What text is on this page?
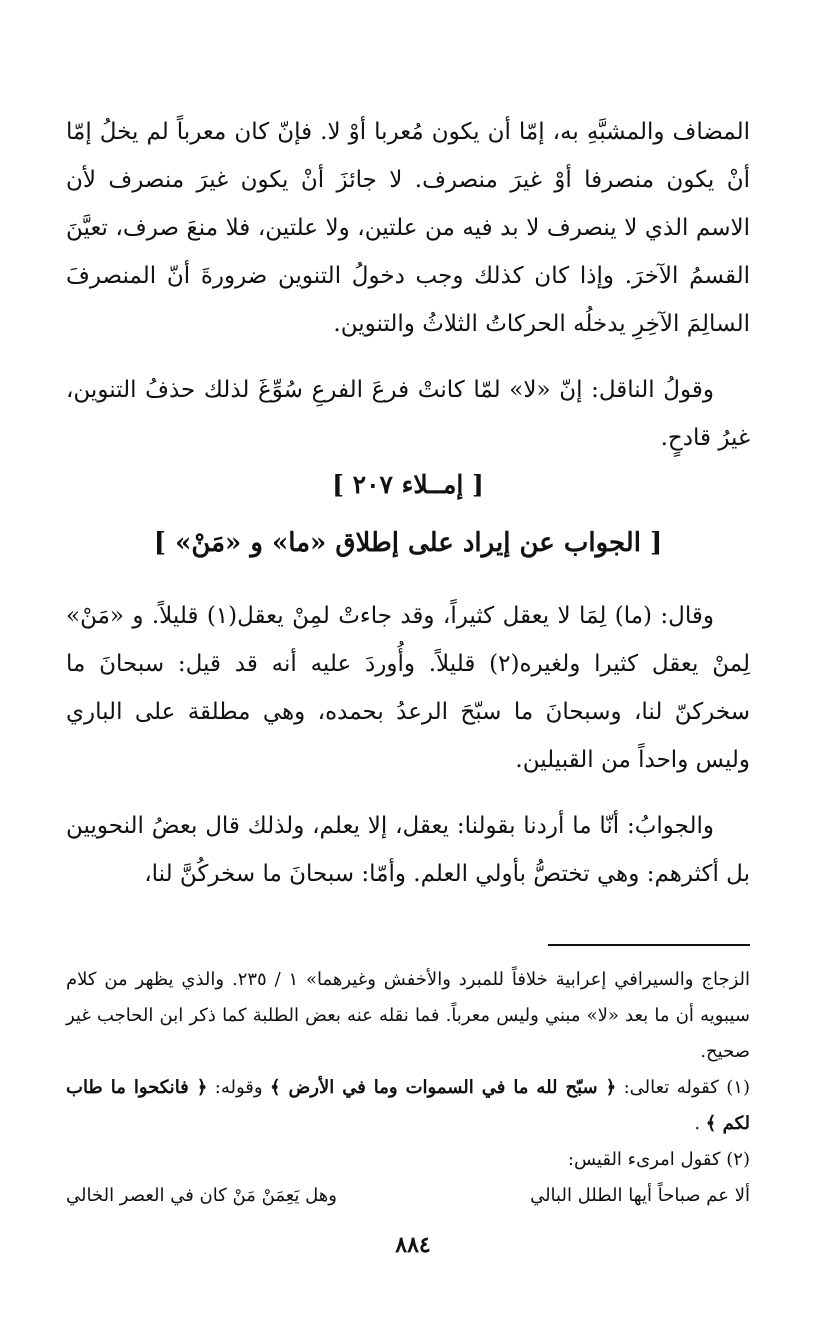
المضاف والمشبَّهِ به، إمّا أن يكون مُعربا أوْ لا. فإنّ كان معرباً لم يخلُ إمّا أنْ يكون منصرفا أوْ غيرَ منصرف. لا جائزَ أنْ يكون غيرَ منصرف لأن الاسم الذي لا ينصرف لا بد فيه من علتين، ولا علتين، فلا منعَ صرف، تعيَّنَ القسمُ الآخرَ. وإذا كان كذلك وجب دخولُ التنوين ضرورةَ أنّ المنصرفَ السالِمَ الآخِرِ يدخلُه الحركاتُ الثلاثُ والتنوين.

وقولُ الناقل: إنّ «لا» لمّا كانتْ فرعَ الفرعِ سُوِّغَ لذلك حذفُ التنوين، غيرُ قادحٍ.

[ إمــلاء ٢٠٧ ]
[ الجواب عن إيراد على إطلاق «ما» و «مَنْ» ]

وقال: (ما) لِمَا لا يعقل كثيراً، وقد جاءتْ لمِنْ يعقل(١) قليلاً. و «مَنْ» لِمنْ يعقل كثيرا ولغيره(٢) قليلاً. وأُوردَ عليه أنه قد قيل: سبحانَ ما سخركنّ لنا، وسبحانَ ما سبّحَ الرعدُ بحمده، وهي مطلقة على الباري وليس واحداً من القبيلين.

والجوابُ: أنّا ما أردنا بقولنا: يعقل، إلا يعلم، ولذلك قال بعضُ النحويين بل أكثرهم: وهي تختصُّ بأولي العلم. وأمّا: سبحانَ ما سخركُنَّ لنا،

الزجاج والسيرافي إعرابية خلافاً للمبرد والأخفش وغيرهما» ١ / ٢٣٥. والذي يظهر من كلام سيبويه أن ما بعد «لا» مبني وليس معرباً. فما نقله عنه بعض الطلبة كما ذكر ابن الحاجب غير صحيح.

(١) كقوله تعالى: ﴿ سبّح لله ما في السموات وما في الأرض ﴾ وقوله: ﴿ فانكحوا ما طاب لكم ﴾ .

(٢) كقول امرىء القيس:

ألا عم صباحاً أيها الطلل البالي
وهل يَعِمَنْ مَنْ كان في العصر الخالي
٨٨٤
